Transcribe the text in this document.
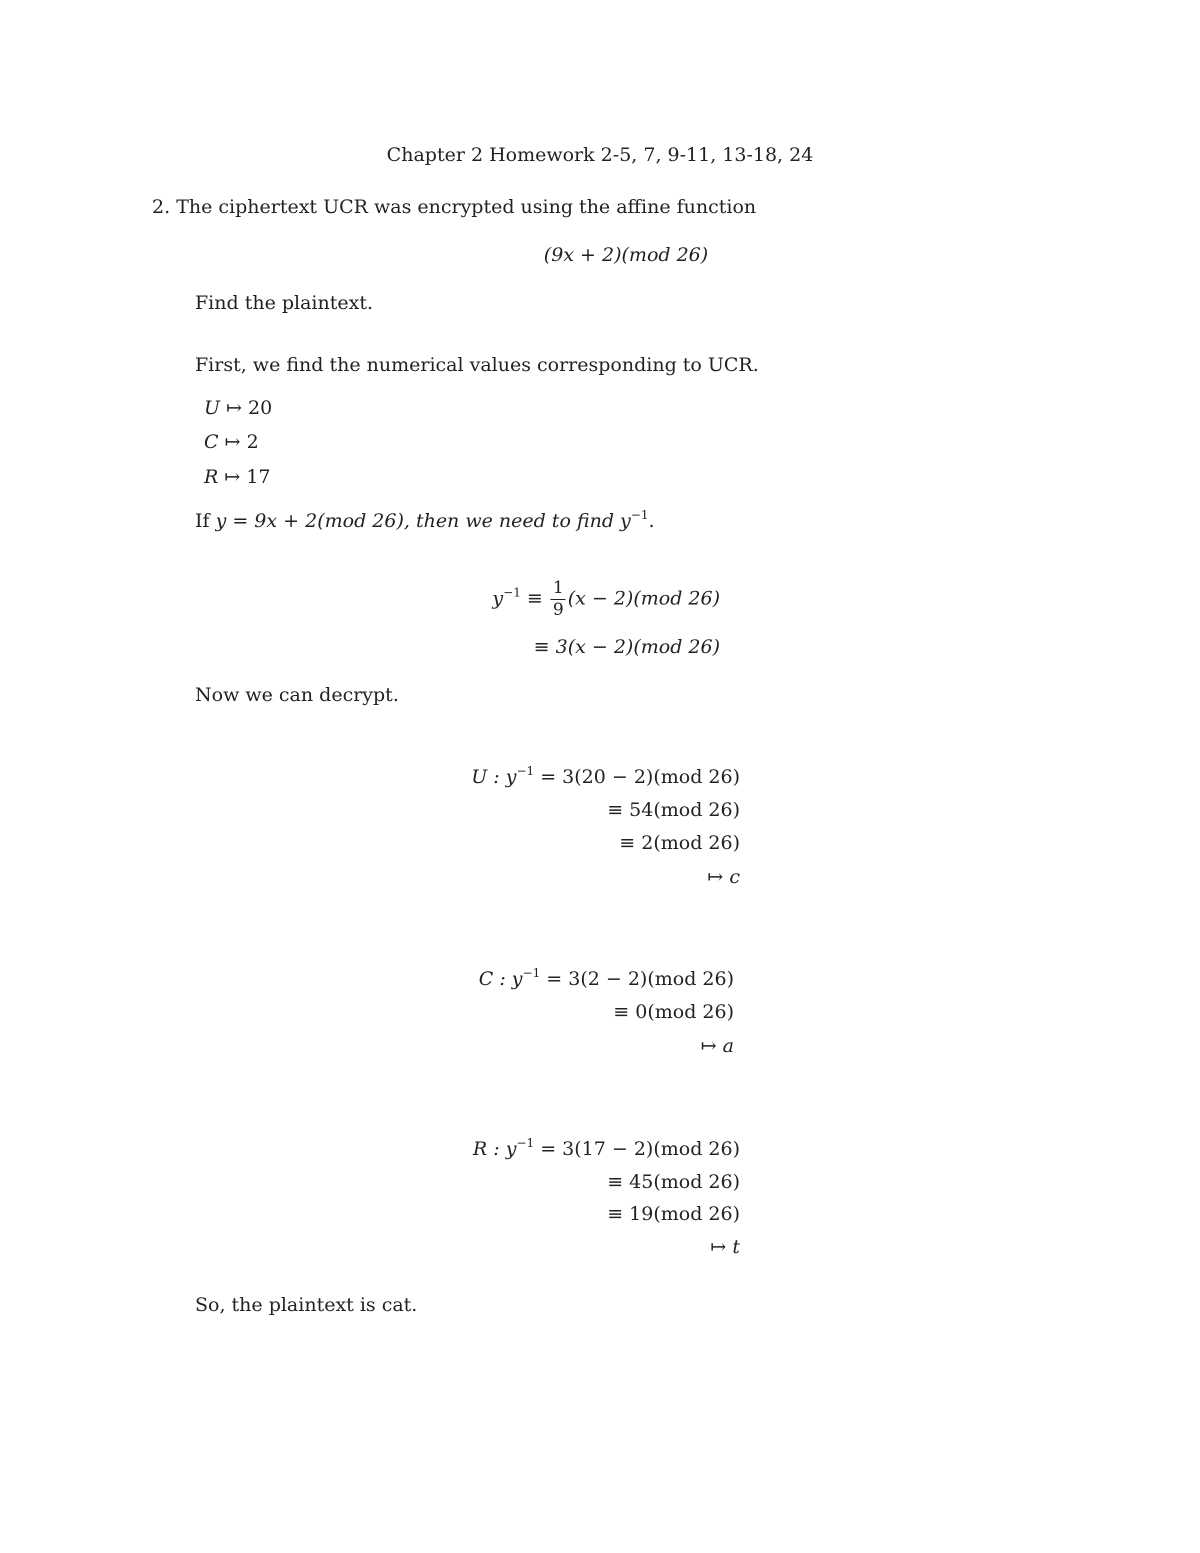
Chapter 2 Homework 2-5, 7, 9-11, 13-18, 24
2. The ciphertext UCR was encrypted using the affine function
(9x + 2)(mod 26)
Find the plaintext.
First, we find the numerical values corresponding to UCR.
U ↦ 20
C ↦ 2
R ↦ 17
If y = 9x + 2(mod 26), then we need to find $y^{-1}$.
$y^{-1} \equiv \frac{1}{9} (x - 2)(mod$ 26)
≡ 3(x − 2)(mod 26)
Now we can decrypt.
U : $y^{-1} = 3(20 - 2)(mod$ 26)
≡ 54(mod 26)
≡ 2(mod 26)
↦ c
C : $y^{-1} = 3(2 - 2)(mod$ 26)
≡ 0(mod 26)
↦ a
R : $y^{-1} = 3(17 - 2)(mod$ 26)
≡ 45(mod 26)
≡ 19(mod 26)
↦ t
So, the plaintext is cat.
